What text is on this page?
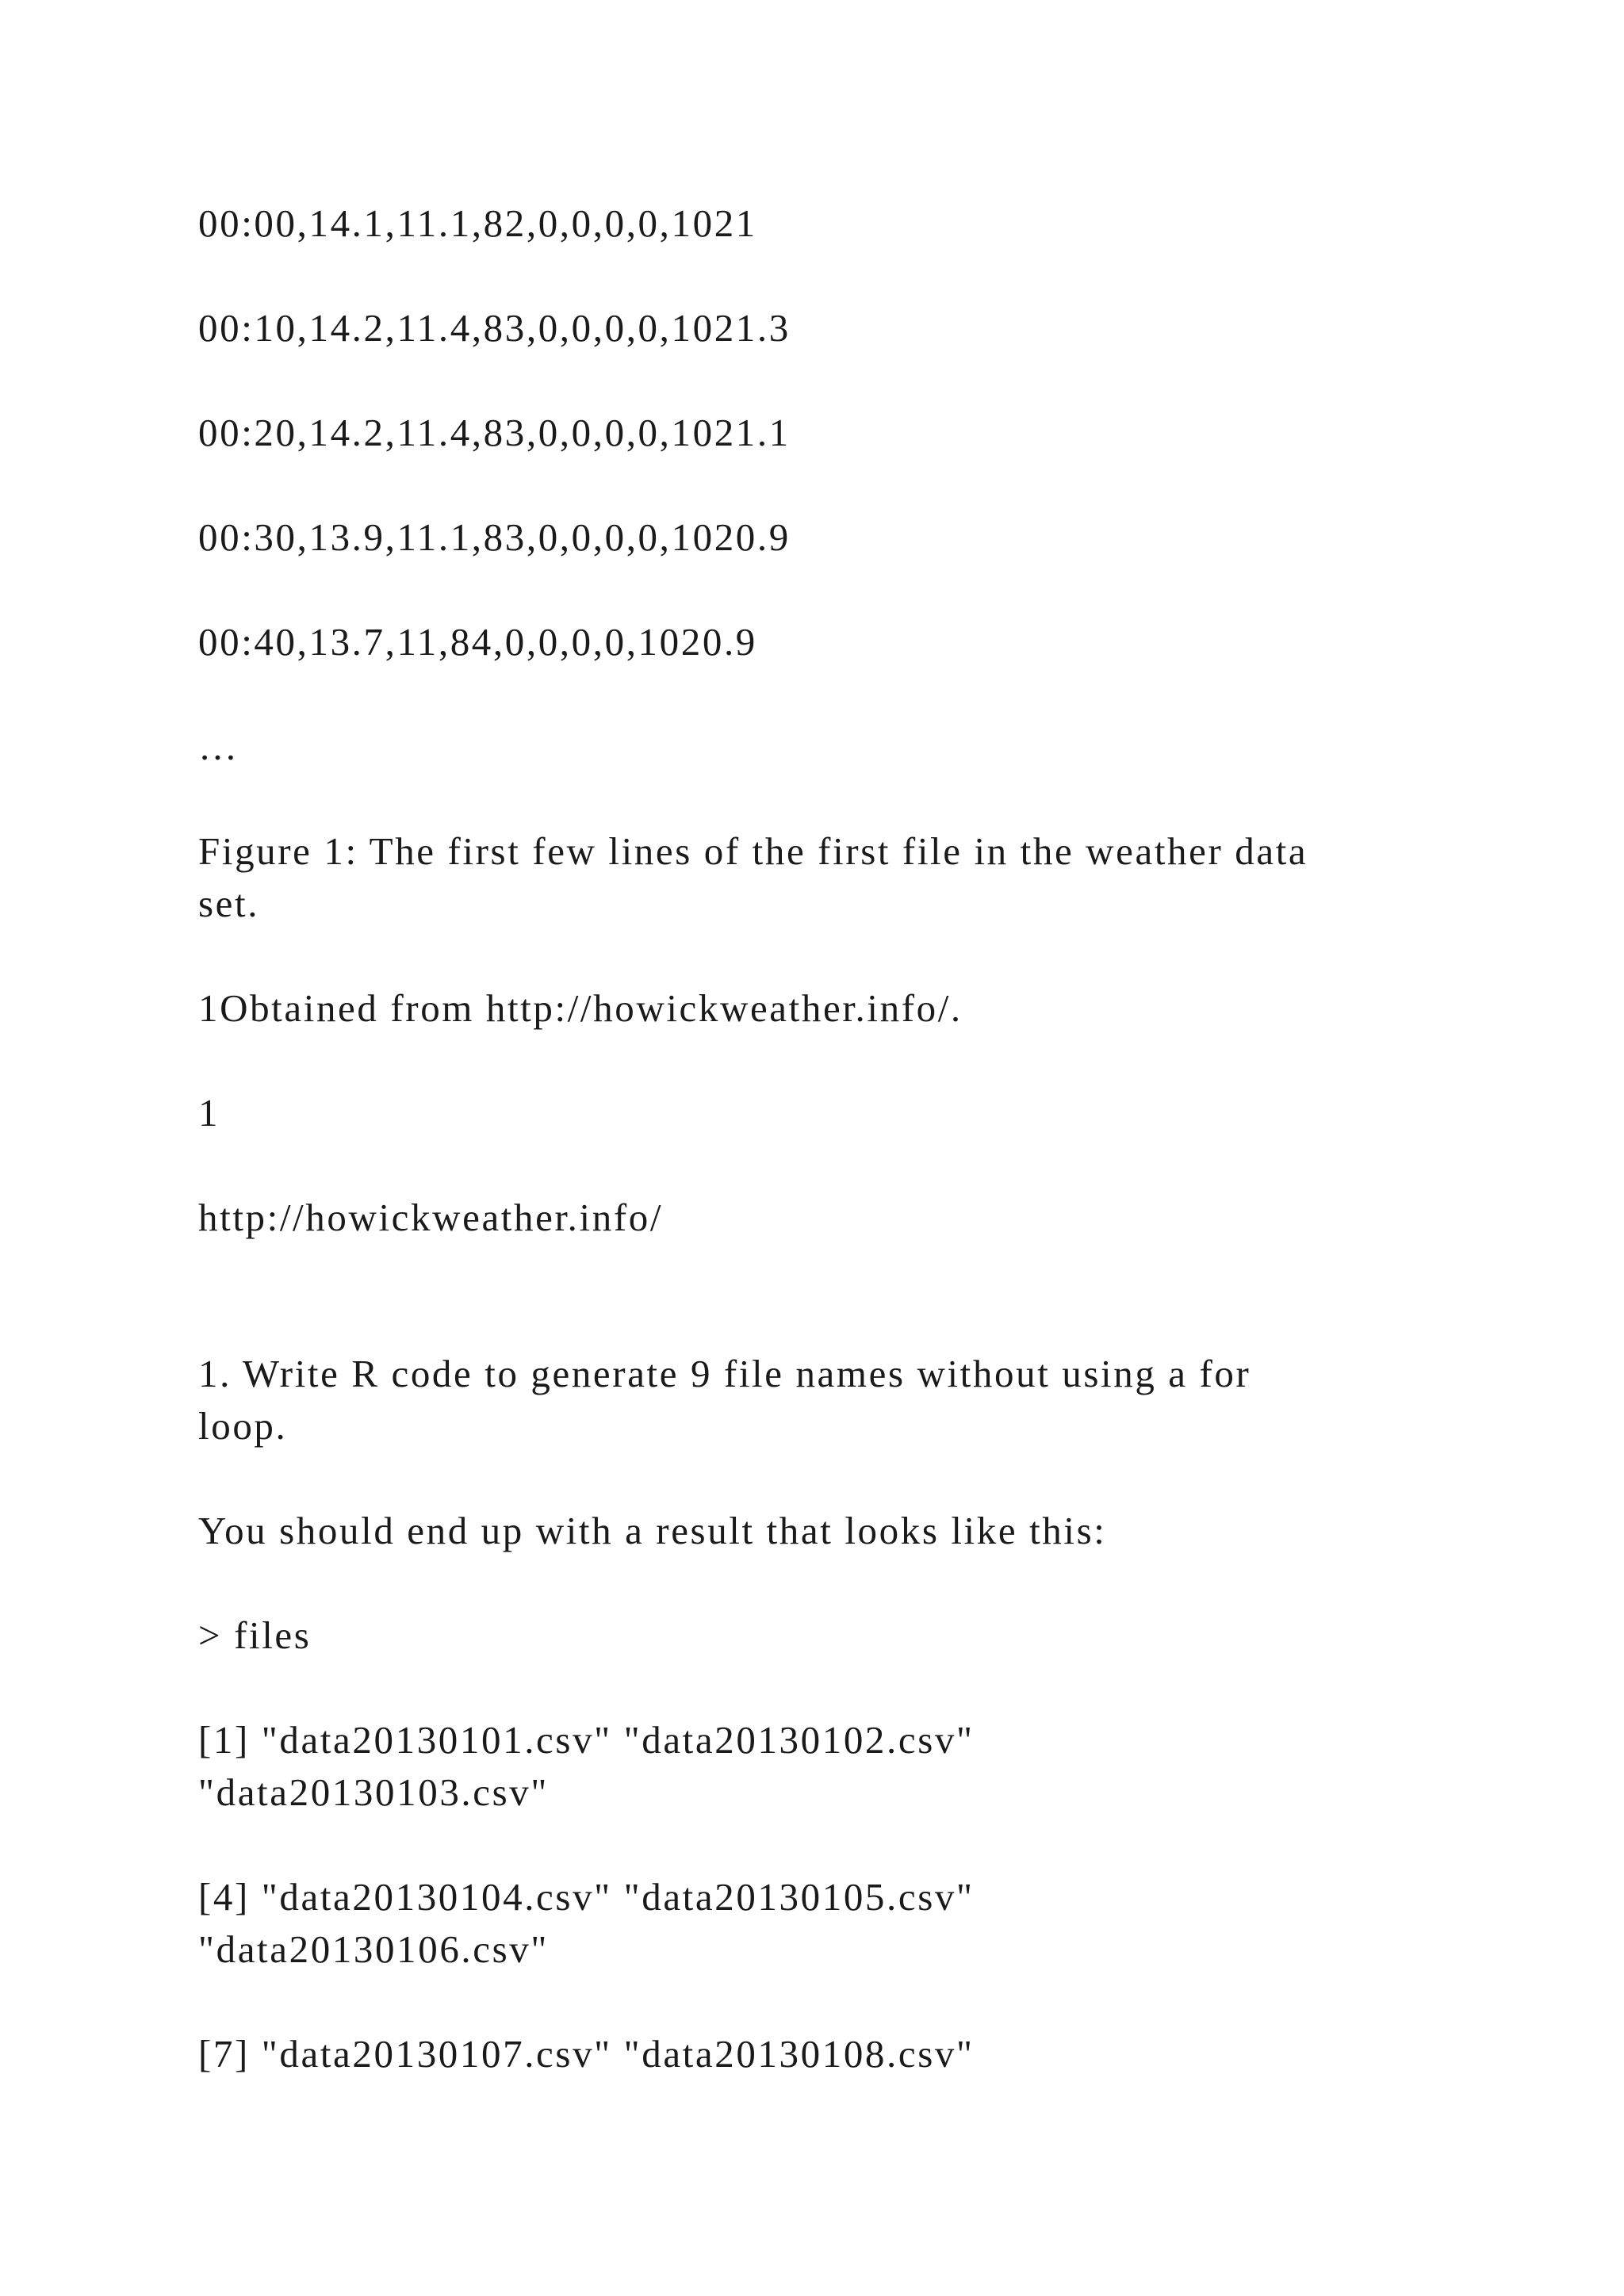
00:00,14.1,11.1,82,0,0,0,0,1021

00:10,14.2,11.4,83,0,0,0,0,1021.3

00:20,14.2,11.4,83,0,0,0,0,1021.1

00:30,13.9,11.1,83,0,0,0,0,1020.9

00:40,13.7,11,84,0,0,0,0,1020.9

…

Figure 1: The first few lines of the first file in the weather data

set.

1Obtained from http://howickweather.info/.

1

http://howickweather.info/

1. Write R code to generate 9 file names without using a for

loop.

You should end up with a result that looks like this:

> files

[1] "data20130101.csv" "data20130102.csv"

"data20130103.csv"

[4] "data20130104.csv" "data20130105.csv"

"data20130106.csv"

[7] "data20130107.csv" "data20130108.csv"
